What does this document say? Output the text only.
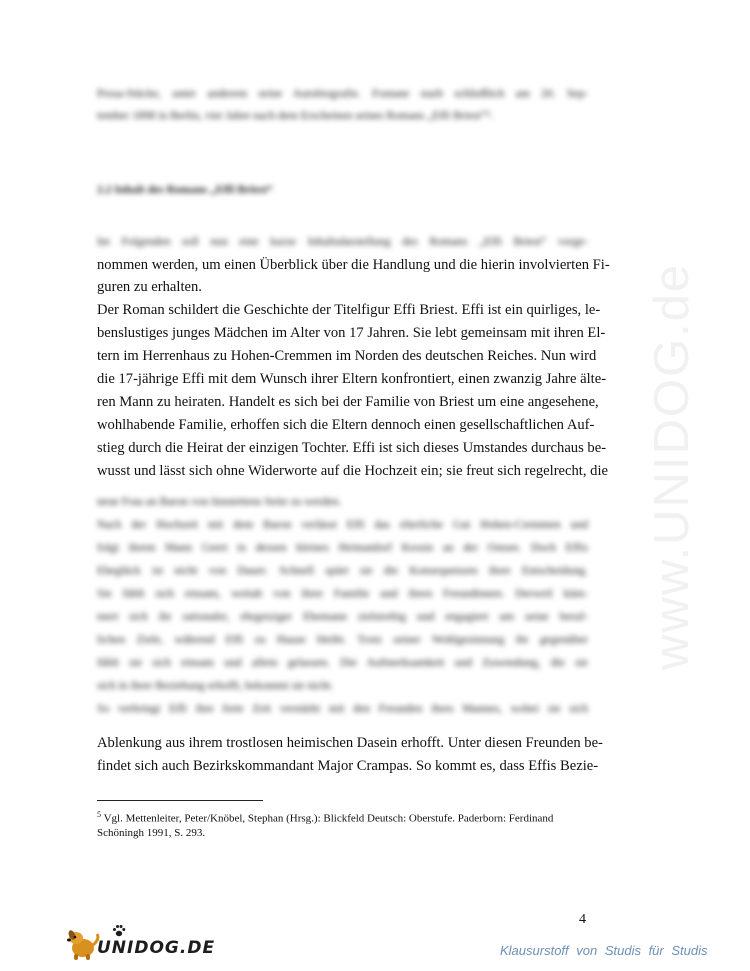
Prosa-Stücke, unter anderem seine Autobiografie. Fontane starb schließlich am 20. Sep-
tember 1898 in Berlin, vier Jahre nach dem Erscheinen seines Romans „Effi Briest“⁵.
2.2 Inhalt des Romans „Effi Briest“
Im Folgenden soll nun eine kurze Inhaltsdarstellung des Romans „Effi Briest“ vorge-
nommen werden, um einen Überblick über die Handlung und die hierin involvierten Fi-
guren zu erhalten.
Der Roman schildert die Geschichte der Titelfigur Effi Briest. Effi ist ein quirliges, le-
benslustiges junges Mädchen im Alter von 17 Jahren. Sie lebt gemeinsam mit ihren El-
tern im Herrenhaus zu Hohen-Cremmen im Norden des deutschen Reiches. Nun wird
die 17-jährige Effi mit dem Wunsch ihrer Eltern konfrontiert, einen zwanzig Jahre älte-
ren Mann zu heiraten. Handelt es sich bei der Familie von Briest um eine angesehene,
wohlhabende Familie, erhoffen sich die Eltern dennoch einen gesellschaftlichen Auf-
stieg durch die Heirat der einzigen Tochter. Effi ist sich dieses Umstandes durchaus be-
wusst und lässt sich ohne Widerworte auf die Hochzeit ein; sie freut sich regelrecht, die
neue Frau an Baron von Innstettens Seite zu werden.
Nach der Hochzeit mit dem Baron verlässt Effi das elterliche Gut Hohen-Cremmen und
folgt ihrem Mann Geert in dessen kleines Heimatdorf Kessin an der Ostsee. Doch Effis
Eheglück ist nicht von Dauer. Schnell spürt sie die Konsequenzen ihrer Entscheidung.
Sie fühlt sich einsam, weitab von ihrer Familie und ihren Freundinnen. Derweil küm-
mert sich ihr rationaler, ehrgeiziger Ehemann zielstrebig und engagiert um seine beruf-
lichen Ziele, während Effi zu Hause bleibt. Trotz seiner Wohlgesinnung ihr gegenüber
fühlt sie sich einsam und allein gelassen. Die Aufmerksamkeit und Zuwendung, die sie
sich in ihrer Beziehung erhofft, bekommt sie nicht.
So verbringt Effi ihre freie Zeit verstärkt mit den Freunden ihres Mannes, wobei sie sich
Ablenkung aus ihrem trostlosen heimischen Dasein erhofft. Unter diesen Freunden be-
findet sich auch Bezirkskommandant Major Crampas. So kommt es, dass Effis Bezie-
$^5$ Vgl. Mettenleiter, Peter/Knöbel, Stephan (Hrsg.): Blickfeld Deutsch: Oberstufe. Paderborn: Ferdinand
Schöningh 1991, S. 293.
4
www.UNIDOG.de
UNIDOG.DE	Klausurstoff von Studis für Studis
